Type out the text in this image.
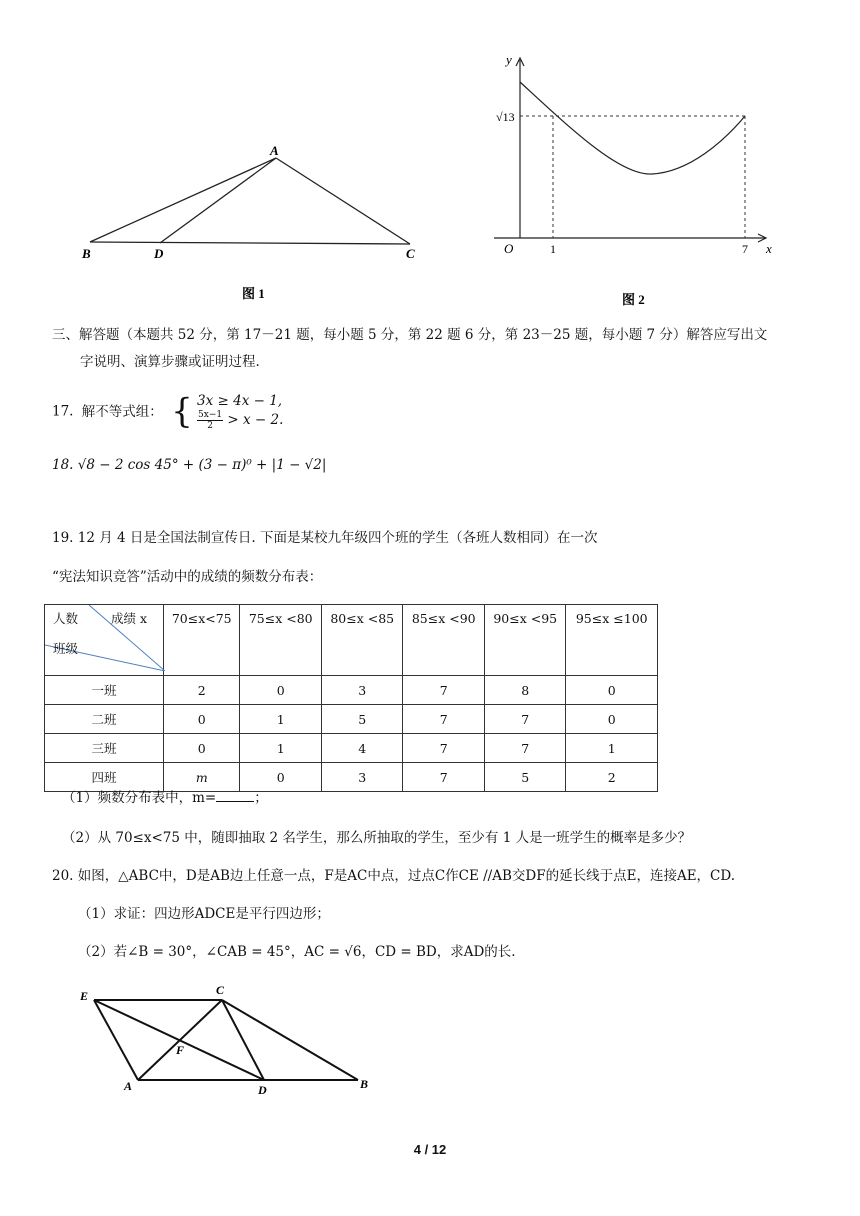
A
B	D	C
图 1
y
x
O
√13
1	7
图 2
三、解答题（本题共 52 分，第 17－21 题，每小题 5 分，第 22 题 6 分，第 23－25 题，每小题 7 分）解答应写出文
字说明、演算步骤或证明过程.
17. 解不等式组： { 3x ≥ 4x − 1,
$\frac{5x-1}{2} > x - 2$.
18. √8 − 2 cos 45° + (3 − π)⁰ + |1 − √2|
19. 12 月 4 日是全国法制宣传日. 下面是某校九年级四个班的学生（各班人数相同）在一次
“宪法知识竞答”活动中的成绩的频数分布表：
人数 成绩 x
班级	70≤x<75	75≤x <80	80≤x <85	85≤x <90	90≤x <95	95≤x ≤100
一班	2	0	3	7	8	0
二班	0	1	5	7	7	0
三班	0	1	4	7	7	1
四班	m	0	3	7	5	2
（1）频数分布表中，m=	；
（2）从 70≤x<75 中，随即抽取 2 名学生，那么所抽取的学生，至少有 1 人是一班学生的概率是多少？
20. 如图，△ABC中，D是AB边上任意一点，F是AC中点，过点C作CE //AB交DF的延长线于点E，连接AE，CD.
（1）求证：四边形ADCE是平行四边形；
（2）若∠B = 30°，∠CAB = 45°，AC = √6，CD = BD，求AD的长.
E	C
F
A	D	B
4 / 12
